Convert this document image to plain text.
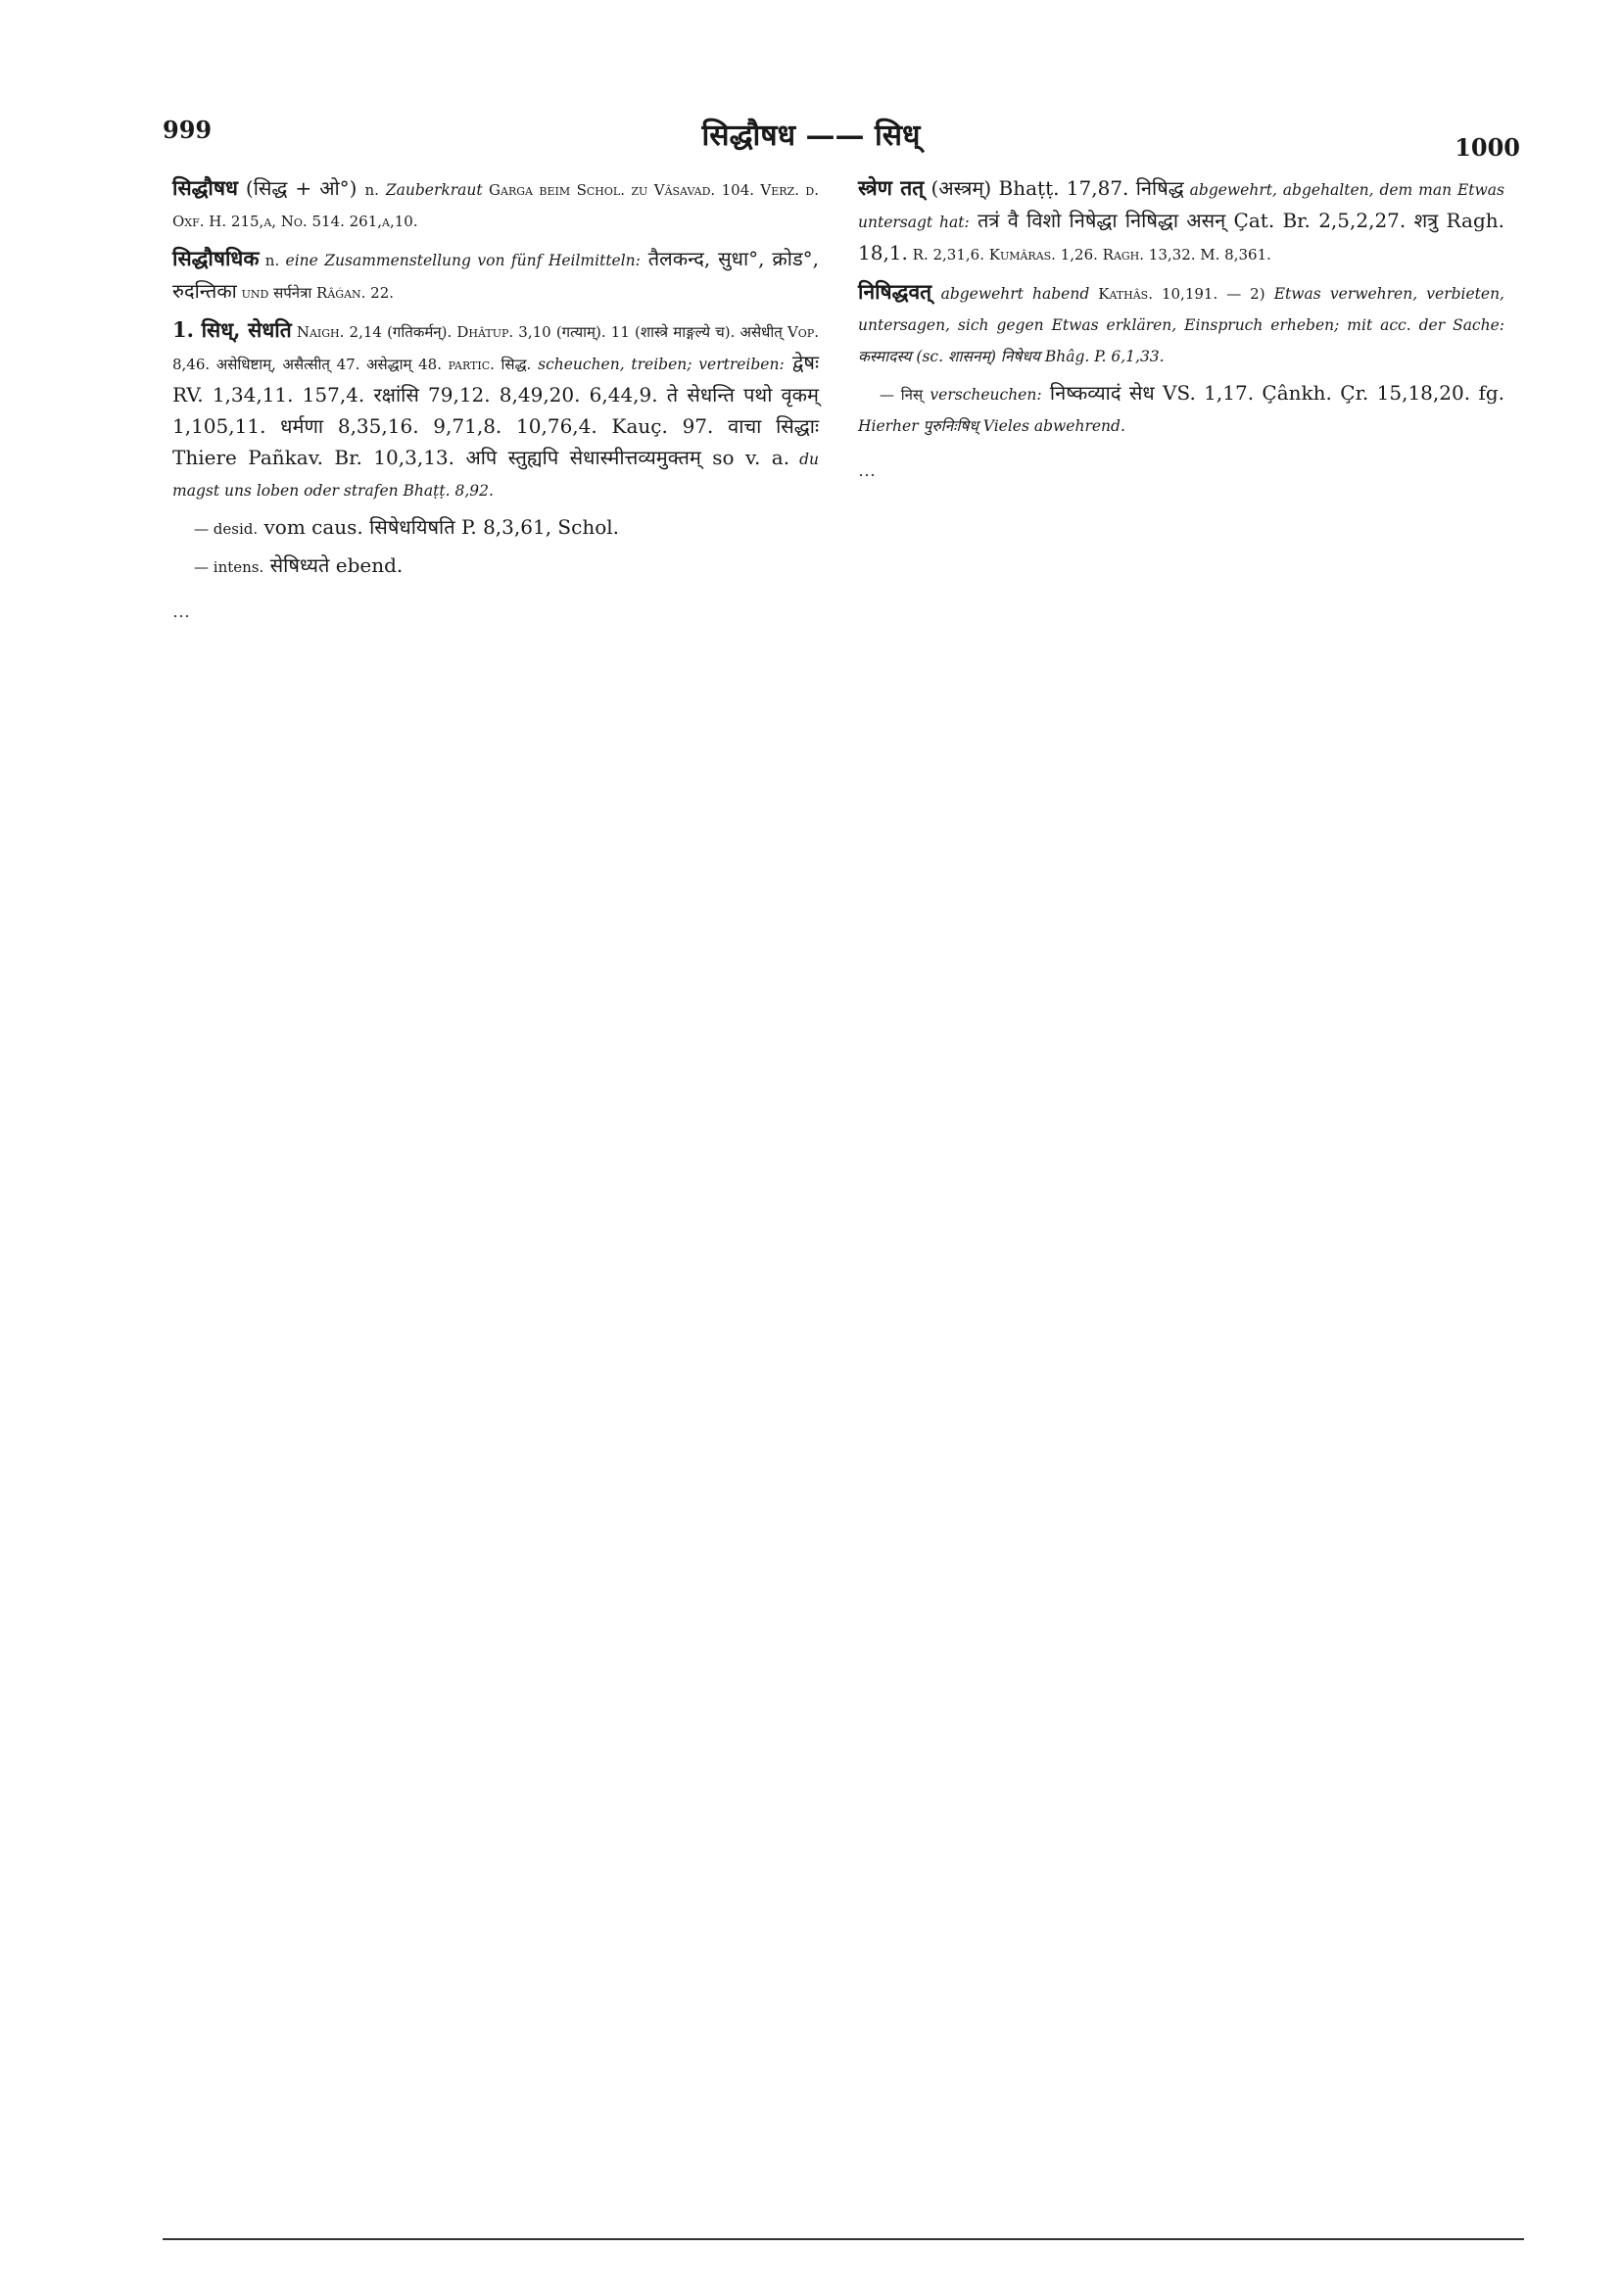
999	सिद्धौषध —— सिध्	1000
सिद्धौषध (सिद्ध + ओ°) n. Zauberkraut Garga beim Schol. zu Vâsavad. 104. Verz. d. Oxf. H. 215,a, No. 514. 261,a,10.
सिद्धौषधिक n. eine Zusammenstellung von fünf Heilmitteln: तैलकन्द, सुधा°, क्रोड°, रुदन्तिका und सर्पनेत्रा Râǵan. 22.
1. सिध्, सेधति Naigh. 2,14 (गतिकर्मन्). Dhâtup. 3,10 (गत्याम्). 11 (शास्त्रे माङ्गल्ये च). असेधीत् Vop. 8,46. असेधिष्टाम्, असैत्सीत् 47. असेद्धाम् 48. partic. सिद्ध. scheuchen, treiben; vertreiben: द्वेषः RV. 1,34,11. 157,4. रक्षांसि 79,12. 8,49,20. 6,44,9. ते सेधन्ति पथो वृकम् 1,105,11. धर्मणा 8,35,16. 9,71,8. 10,76,4. Kauç. 97. वाचा सिद्धाः Thiere Pañkav. Br. 10,3,13. अपि स्तुह्यपि सेधास्मीत्तव्यमुक्तम् so v. a. du magst uns loben oder strafen Bhaṭṭ. 8,92.
— desid. vom caus. सिषेधयिषति P. 8,3,61, Schol.
— intens. सेषिध्यते ebend.
…
स्त्रेण तत् (अस्त्रम्) Bhaṭṭ. 17,87. निषिद्ध abgewehrt, abgehalten, dem man Etwas untersagt hat: तत्रं वै विशो निषेद्धा निषिद्धा असन् Çat. Br. 2,5,2,27. शत्रु Ragh. 18,1. R. 2,31,6. Kumâras. 1,26. Ragh. 13,32. M. 8,361.
निषिद्धवत् abgewehrt habend Kathâs. 10,191. — 2) Etwas verwehren, verbieten, untersagen, sich gegen Etwas erklären, Einspruch erheben; mit acc. der Sache: कस्मादस्य (sc. शासनम्) निषेधय Bhâg. P. 6,1,33.
— निस् verscheuchen: निष्कव्यादं सेध VS. 1,17. Çânkh. Çr. 15,18,20. fg. Hierher पुरुनिःषिध् Vieles abwehrend.
…
